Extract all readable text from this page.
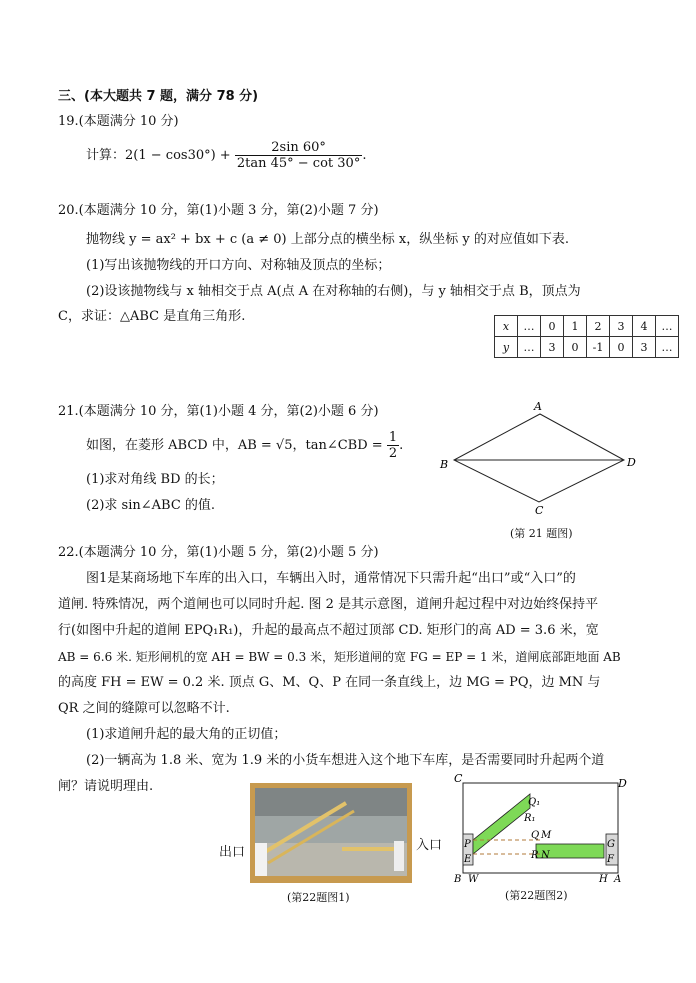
三、(本大题共 7 题，满分 78 分)
19.(本题满分 10 分)
计算：$2(1 - \cos 30^\circ) + \frac{2\sin 60^\circ}{2\tan 45^\circ - \cot 30^\circ}$ .
20.(本题满分 10 分，第(1)小题 3 分，第(2)小题 7 分)
抛物线 y = ax² + bx + c (a ≠ 0) 上部分点的横坐标 x，纵坐标 y 的对应值如下表.
(1)写出该抛物线的开口方向、对称轴及顶点的坐标；
(2)设该抛物线与 x 轴相交于点 A(点 A 在对称轴的右侧)，与 y 轴相交于点 B，顶点为
C，求证：△ABC 是直角三角形.
x	…	0	1	2	3	4	…
y	…	3	0	-1	0	3	…
21.(本题满分 10 分，第(1)小题 4 分，第(2)小题 6 分)
如图，在菱形 ABCD 中，AB = √5，tan∠CBD = $\frac{1}{2}$ .
(1)求对角线 BD 的长；
(2)求 sin∠ABC 的值.
A
B
C
D
(第 21 题图)
22.(本题满分 10 分，第(1)小题 5 分，第(2)小题 5 分)
图1是某商场地下车库的出入口，车辆出入时，通常情况下只需升起“出口”或“入口”的
道闸. 特殊情况，两个道闸也可以同时升起. 图 2 是其示意图，道闸升起过程中对边始终保持平
行(如图中升起的道闸 EPQ₁R₁)，升起的最高点不超过顶部 CD. 矩形门的高 AD = 3.6 米，宽
AB = 6.6 米. 矩形闸机的宽 AH = BW = 0.3 米，矩形道闸的宽 FG = EP = 1 米，道闸底部距地面 AB
的高度 FH = EW = 0.2 米. 顶点 G、M、Q、P 在同一条直线上，边 MG = PQ，边 MN 与
QR 之间的缝隙可以忽略不计.
(1)求道闸升起的最大角的正切值；
(2)一辆高为 1.8 米、宽为 1.9 米的小货车想进入这个地下车库，是否需要同时升起两个道
闸？请说明理由.
出口	入口
(第22题图1)
C	D
Q₁
R₁
Q M
R N
P
E
G
F
B W	H A
(第22题图2)
